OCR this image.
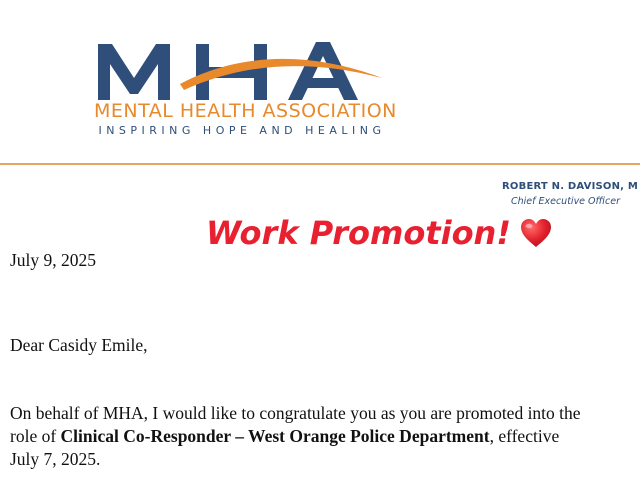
MENTAL HEALTH ASSOCIATION
INSPIRING HOPE AND HEALING
ROBERT N. DAVISON, M
Chief Executive Officer
Work Promotion!
July 9, 2025
Dear Casidy Emile,
On behalf of MHA, I would like to congratulate you as you are promoted into the
role of Clinical Co-Responder – West Orange Police Department, effective
July 7, 2025.
